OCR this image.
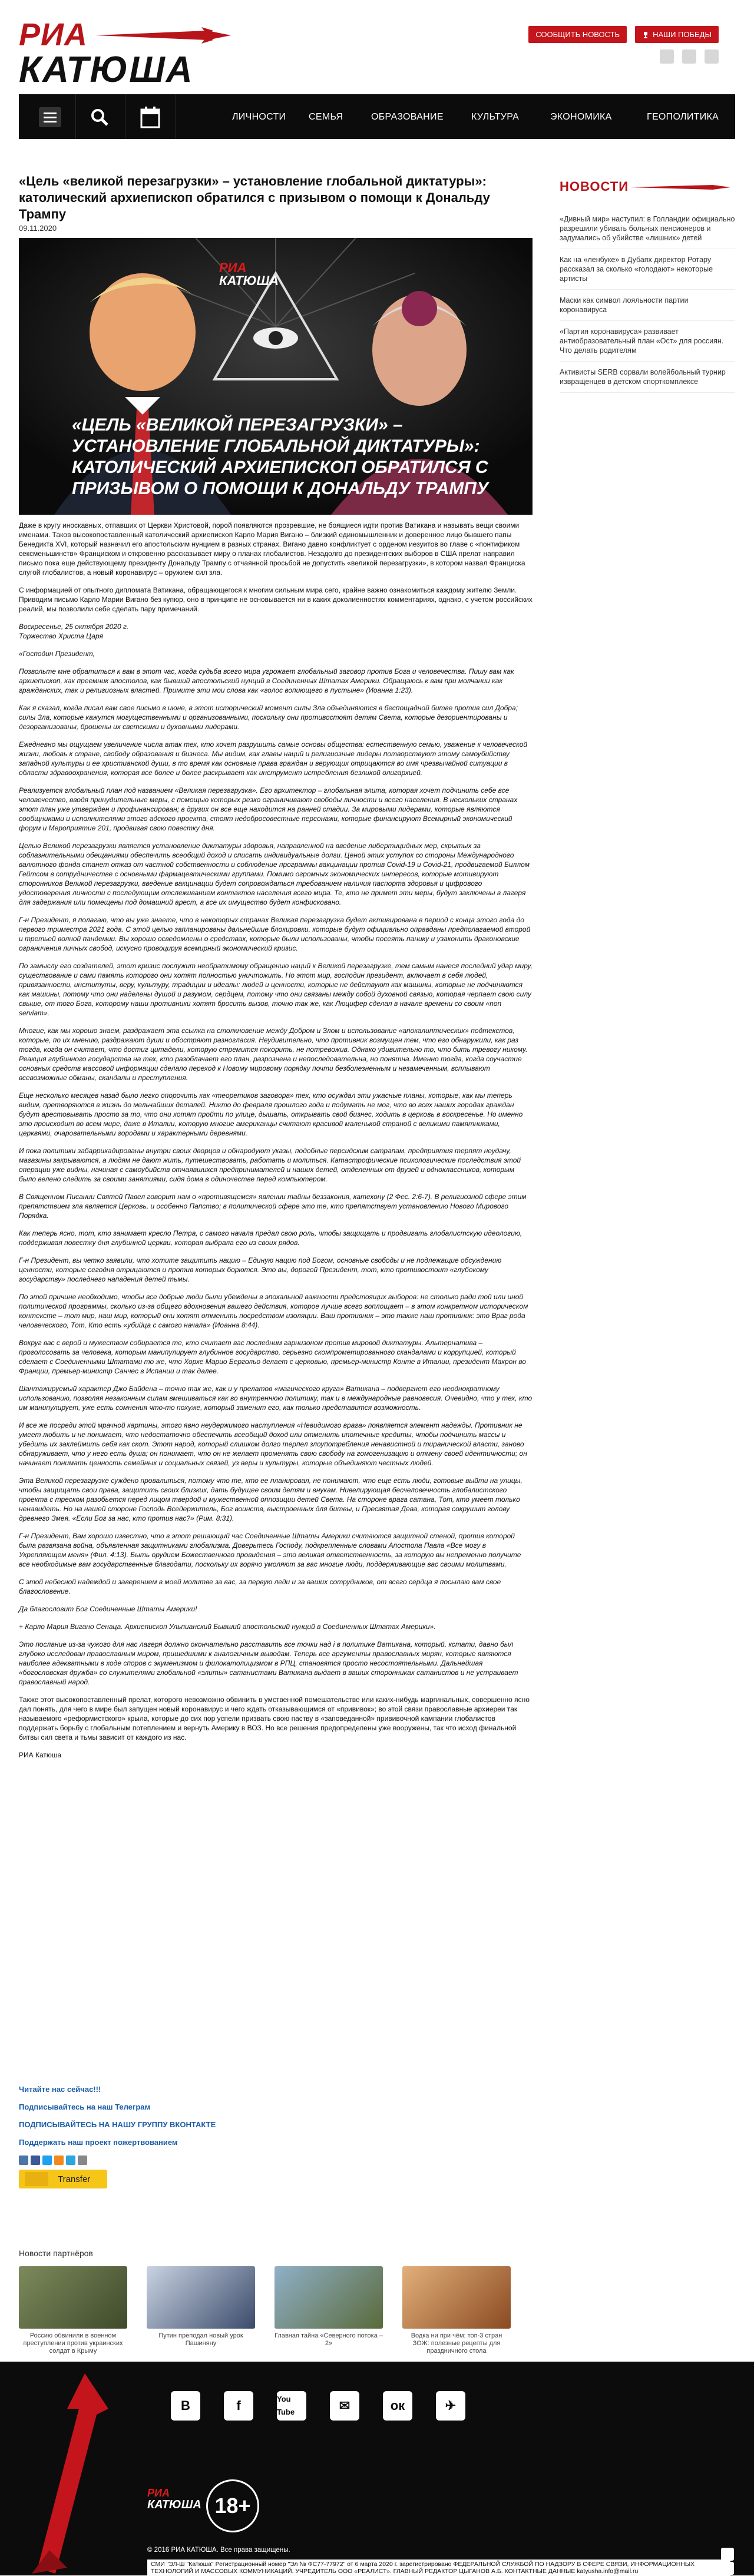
РИА
КАТЮША
СООБЩИТЬ НОВОСТЬ	НАШИ ПОБЕДЫ
ЛИЧНОСТИ СЕМЬЯ	ОБРАЗОВАНИЕ	КУЛЬТУРА	ЭКОНОМИКА	ГЕОПОЛИТИКА
«Цель «великой перезагрузки» – установление глобальной диктатуры»: католический архиепископ обратился с призывом о помощи к Дональду Трампу
09.11.2020
РИА
КАТЮША
«ЦЕЛЬ «ВЕЛИКОЙ ПЕРЕЗАГРУЗКИ» – УСТАНОВЛЕНИЕ ГЛОБАЛЬНОЙ ДИКТАТУРЫ»: КАТОЛИЧЕСКИЙ АРХИЕПИСКОП ОБРАТИЛСЯ С ПРИЗЫВОМ О ПОМОЩИ К ДОНАЛЬДУ ТРАМПУ

Даже в кругу иноскавных, отпавших от Церкви Христовой, порой появляются прозревшие, не боящиеся идти против Ватикана и называть вещи своими именами. Таков высокопоставленный католический архиепископ Карло Мария Вигано – близкий единомышленник и доверенное лицо бывшего папы Бенедикта XVI, который назначил его апостольским нунцием в разных странах. Вигано давно конфликтует с орденом иезуитов во главе с «понтификом сексменьшинств» Франциском и откровенно рассказывает миру о планах глобалистов. Незадолго до президентских выборов в США прелат направил письмо пока еще действующему президенту Дональду Трампу с отчаянной просьбой не допустить «великой перезагрузки», в котором назвал Франциска слугой глобалистов, а новый коронавирус – оружием сил зла.

С информацией от опытного дипломата Ватикана, обращающегося к многим сильным мира сего, крайне важно ознакомиться каждому жителю Земли. Приводим письмо Карло Марии Вигано без купюр, оно в принципе не основывается ни в каких доколиенностях комментариях, однако, с учетом российских реалий, мы позволили себе сделать пару примечаний.

Воскресенье, 25 октября 2020 г.
Торжество Христа Царя

«Господин Президент,

Позвольте мне обратиться к вам в этот час, когда судьба всего мира угрожает глобальный заговор против Бога и человечества. Пишу вам как архиепископ, как преемник апостолов, как бывший апостольский нунций в Соединенных Штатах Америки. Обращаюсь к вам при молчании как гражданских, так и религиозных властей. Примите эти мои слова как «голос вопиющего в пустыне» (Иоанна 1:23).

Как я сказал, когда писал вам свое письмо в июне, в этот исторический момент силы Зла объединяются в беспощадной битве против сил Добра; силы Зла, которые кажутся могущественными и организованными, поскольку они противостоят детям Света, которые дезориентированы и дезорганизованы, брошены их светскими и духовными лидерами.

Ежедневно мы ощущаем увеличение числа атак тех, кто хочет разрушить самые основы общества: естественную семью, уважение к человеческой жизни, любовь к стране, свободу образования и бизнеса. Мы видим, как главы наций и религиозные лидеры потворствуют этому самоубийству западной культуры и ее христианской души, в то время как основные права граждан и верующих отрицаются во имя чрезвычайной ситуации в области здравоохранения, которая все более и более раскрывает как инструмент истребления безликой олигархией.

Реализуется глобальный план под названием «Великая перезагрузка». Его архитектор – глобальная элита, которая хочет подчинить себе все человечество, вводя принудительные меры, с помощью которых резко ограничивают свободы личности и всего населения. В нескольких странах этот план уже утвержден и профинансирован; в других он все еще находится на ранней стадии. За мировыми лидерами, которые являются сообщниками и исполнителями этого адского проекта, стоят недобросовестные персонажи, которые финансируют Всемирный экономический форум и Мероприятие 201, продвигая свою повестку дня.

Целью Великой перезагрузки является установление диктатуры здоровья, направленной на введение либертицидных мер, скрытых за соблазнительными обещаниями обеспечить всеобщий доход и списать индивидуальные долги. Ценой этих уступок со стороны Международного валютного фонда станет отказ от частной собственности и соблюдение программы вакцинации против Covid-19 и Covid-21, продвигаемой Биллом Гейтсом в сотрудничестве с основными фармацевтическими группами. Помимо огромных экономических интересов, которые мотивируют сторонников Великой перезагрузки, введение вакцинации будет сопровождаться требованием наличия паспорта здоровья и цифрового удостоверения личности с последующим отслеживанием контактов населения всего мира. Те, кто не примет эти меры, будут заключены в лагеря для задержания или помещены под домашний арест, а все их имущество будет конфисковано.

Г-н Президент, я полагаю, что вы уже знаете, что в некоторых странах Великая перезагрузка будет активирована в период с конца этого года до первого триместра 2021 года. С этой целью запланированы дальнейшие блокировки, которые будут официально оправданы предполагаемой второй и третьей волной пандемии. Вы хорошо осведомлены о средствах, которые были использованы, чтобы посеять панику и узаконить драконовские ограничения личных свобод, искусно провоцируя всемирный экономический кризис.

По замыслу его создателей, этот кризис послужит необратимому обращению наций к Великой перезагрузке, тем самым нанеся последний удар миру, существование и сами память которого они хотят полностью уничтожить. Но этот мир, господин президент, включает в себя людей, привязанности, институты, веру, культуру, традиции и идеалы: людей и ценности, которые не действуют как машины, которые не подчиняются как машины, потому что они наделены душой и разумом, сердцем, потому что они связаны между собой духовной связью, которая черпает свою силу свыше, от того Бога, которому наши противники хотят бросить вызов, точно так же, как Люцифер сделал в начале времени со своим «non serviam».

Многие, как мы хорошо знаем, раздражает эта ссылка на столкновение между Добром и Злом и использование «апокалиптических» подтекстов, которые, по их мнению, раздражают души и обостряют разногласия. Неудивительно, что противник возмущен тем, что его обнаружили, как раз тогда, когда он считает, что достиг цитадели, которую стремится покорить, не потревожив. Однако удивительно то, что бить тревогу никому. Реакция глубинного государства на тех, кто разоблачает его план, разрознена и непоследовательна, но понятна. Именно тогда, когда соучастие основных средств массовой информации сделало переход к Новому мировому порядку почти безболезненным и незамеченным, всплывают всевозможные обманы, скандалы и преступления.

Еще несколько месяцев назад было легко опорочить как «теоретиков заговора» тех, кто осуждал эти ужасные планы, которые, как мы теперь видим, претворяются в жизнь до мельчайших деталей. Никто до февраля прошлого года и подумать не мог, что во всех наших городах граждан будут арестовывать просто за то, что они хотят пройти по улице, дышать, открывать свой бизнес, ходить в церковь в воскресенье. Но именно это происходит во всем мире, даже в Италии, которую многие американцы считают красивой маленькой страной с великими памятниками, церквями, очаровательными городами и характерными деревнями.

И пока политики забаррикадированы внутри своих дворцов и обнародуют указы, подобные персидским сатрапам, предприятия терпят неудачу, магазины закрываются, а людям не дают жить, путешествовать, работать и молиться. Катастрофические психологические последствия этой операции уже видны, начиная с самоубийств отчаявшихся предпринимателей и наших детей, отделенных от друзей и одноклассников, которым было велено следить за своими занятиями, сидя дома в одиночестве перед компьютером.

В Священном Писании Святой Павел говорит нам о «противящемся» явлении тайны беззакония, катехону (2 Фес. 2:6-7). В религиозной сфере этим препятствием зла является Церковь, и особенно Папство; в политической сфере это те, кто препятствует установлению Нового Мирового Порядка.

Как теперь ясно, тот, кто занимает кресло Петра, с самого начала предал свою роль, чтобы защищать и продвигать глобалистскую идеологию, поддерживая повестку дня глубинной церкви, которая выбрала его из своих рядов.

Г-н Президент, вы четко заявили, что хотите защитить нацию – Единую нацию под Богом, основные свободы и не подлежащие обсуждению ценности, которые сегодня отрицаются и против которых борются. Это вы, дорогой Президент, тот, кто противостоит «глубокому государству» последнего нападения детей тьмы.

По этой причине необходимо, чтобы все добрые люди были убеждены в эпохальной важности предстоящих выборов: не столько ради той или иной политической программы, сколько из-за общего вдохновения вашего действия, которое лучше всего воплощает – в этом конкретном историческом контексте – тот мир, наш мир, который они хотят отменить посредством изоляции. Ваш противник – это также наш противник: это Враг рода человеческого, Тот, Кто есть «убийца с самого начала» (Иоанна 8:44).

Вокруг вас с верой и мужеством собирается те, кто считает вас последним гарнизоном против мировой диктатуры. Альтернатива – проголосовать за человека, которым манипулирует глубинное государство, серьезно скомпрометированного скандалами и коррупцией, который сделает с Соединенными Штатами то же, что Хорхе Марио Бергольо делает с церковью, премьер-министр Конте в Италии, президент Макрон во Франции, премьер-министр Санчес в Испании и так далее.

Шантажируемый характер Джо Байдена – точно так же, как и у прелатов «магического круга» Ватикана – подвергнет его неоднократному использованию, позволяя незаконным силам вмешиваться как во внутреннюю политику, так и в международные равновесия. Очевидно, что у тех, кто им манипулирует, уже есть сомнения что-то похуже, который заменит его, как только представится возможность.

И все же посреди этой мрачной картины, этого явно неудержимого наступления «Невидимого врага» появляется элемент надежды. Противник не умеет любить и не понимает, что недостаточно обеспечить всеобщий доход или отменить ипотечные кредиты, чтобы подчинить массы и убедить их заклеймить себя как скот. Этот народ, который слишком долго терпел злоупотребления ненавистной и тиранической власти, заново обнаруживает, что у него есть душа; он понимает, что он не желает променять свою свободу на гомогенизацию и отмену своей идентичности; он начинает понимать ценность семейных и социальных связей, уз веры и культуры, которые объединяют честных людей.

Эта Великой перезагрузке суждено провалиться, потому что те, кто ее планировал, не понимают, что еще есть люди, готовые выйти на улицы, чтобы защищать свои права, защитить своих близких, дать будущее своим детям и внукам. Нивелирующая бесчеловечность глобалистского проекта с треском разобьется перед лицом твердой и мужественной оппозиции детей Света. На стороне врага сатана, Тот, кто умеет только ненавидеть. Но на нашей стороне Господь Вседержитель, Бог воинств, выстроенных для битвы, и Пресвятая Дева, которая сокрушит голову древнего Змея. «Если Бог за нас, кто против нас?» (Рим. 8:31).

Г-н Президент, Вам хорошо известно, что в этот решающий час Соединенные Штаты Америки считаются защитной стеной, против которой была развязана война, объявленная защитниками глобализма. Доверьтесь Господу, подкрепленные словами Апостола Павла «Все могу в Укрепляющем меня» (Фил. 4:13). Быть орудием Божественного провидения – это великая ответственность, за которую вы непременно получите все необходимые вам государственные благодати, поскольку их горячо умоляют за вас многие люди, поддерживающие вас своими молитвами.

С этой небесной надеждой и заверением в моей молитве за вас, за первую леди и за ваших сотрудников, от всего сердца я посылаю вам свое благословение.

Да благословит Бог Соединенные Штаты Америки!

+ Карло Мария Вигано Сенаца. Архиепископ Ульпианский Бывший апостольский нунций в Соединенных Штатах Америки».

Это послание из-за чужого для нас лагеря должно окончательно расставить все точки над i в политике Ватикана, который, кстати, давно был глубоко исследован православным миром, пришедшими к аналогичным выводам. Теперь все аргументы православных мирян, которые являются наиболее адекватными в ходе споров с экуменизмом и филокатолицизмом в РПЦ, становятся просто несостоятельными. Дальнейшая «богословская дружба» со служителями глобальной «элиты» сатанистами Ватикана выдает в ваших сторонниках сатанистов и не устраивает православный народ.

Также этот высокопоставленный прелат, которого невозможно обвинить в умственной помешательстве или каких-нибудь маргинальных, совершенно ясно дал понять, для чего в мире был запущен новый коронавирус и чего ждать отказывающимся от «прививок»; во этой связи православные архиереи так называемого «реформистского» крыла, которые до сих пор успели призвать свою паству в «заповеданной» прививочной кампании глобалистов поддержать борьбу с глобальным потеплением и вернуть Америку в ВОЗ. Но все решения предопределены уже вооружены, так что исход финальной битвы сил света и тьмы зависит от каждого из нас.

РИА Катюша

Читайте нас сейчас!!!
Подписывайтесь на наш Телеграм
ПОДПИСЫВАЙТЕСЬ НА НАШУ ГРУППУ ВКОНТАКТЕ
Поддержать наш проект пожертвованием
Transfer
НОВОСТИ
«Дивный мир» наступил: в Голландии официально разрешили убивать больных пенсионеров и задумались об убийстве «лишних» детей
Как на «ленбуке» в Дубаях директор Ротару рассказал за сколько «голодают» некоторые артисты
Маски как символ лояльности партии коронавируса
«Партия коронавируса» развивает антиобразовательный план «Ост» для россиян. Что делать родителям
Активисты SERB сорвали волейбольный турнир извращенцев в детском спорткомплексе
Новости партнёров
Россию обвинили в военном преступлении против украинских солдат в Крыму
Путин преподал новый урок Пашиняну
Главная тайна «Северного потока –2»
Водка ни при чём: топ-3 стран ЗОЖ: полезные рецепты для праздничного стола
В	f	You Tube	✉	ок	✈
РИА
КАТЮША 18+
© 2016 РИА КАТЮША. Все права защищены.
СМИ "ЭЛ-Ш "Катюша" Регистрационный номер "Эл № ФС77-77972" от 6 марта 2020 г. зарегистрировано ФЕДЕРАЛЬНОЙ СЛУЖБОЙ ПО НАДЗОРУ В СФЕРЕ СВЯЗИ, ИНФОРМАЦИОННЫХ ТЕХНОЛОГИЙ И МАССОВЫХ КОММУНИКАЦИЙ. УЧРЕДИТЕЛЬ ООО «РЕАЛИСТ». ГЛАВНЫЙ РЕДАКТОР ЦЫГАНОВ А.Б. КОНТАКТНЫЕ ДАННЫЕ katyusha.info@mail.ru
